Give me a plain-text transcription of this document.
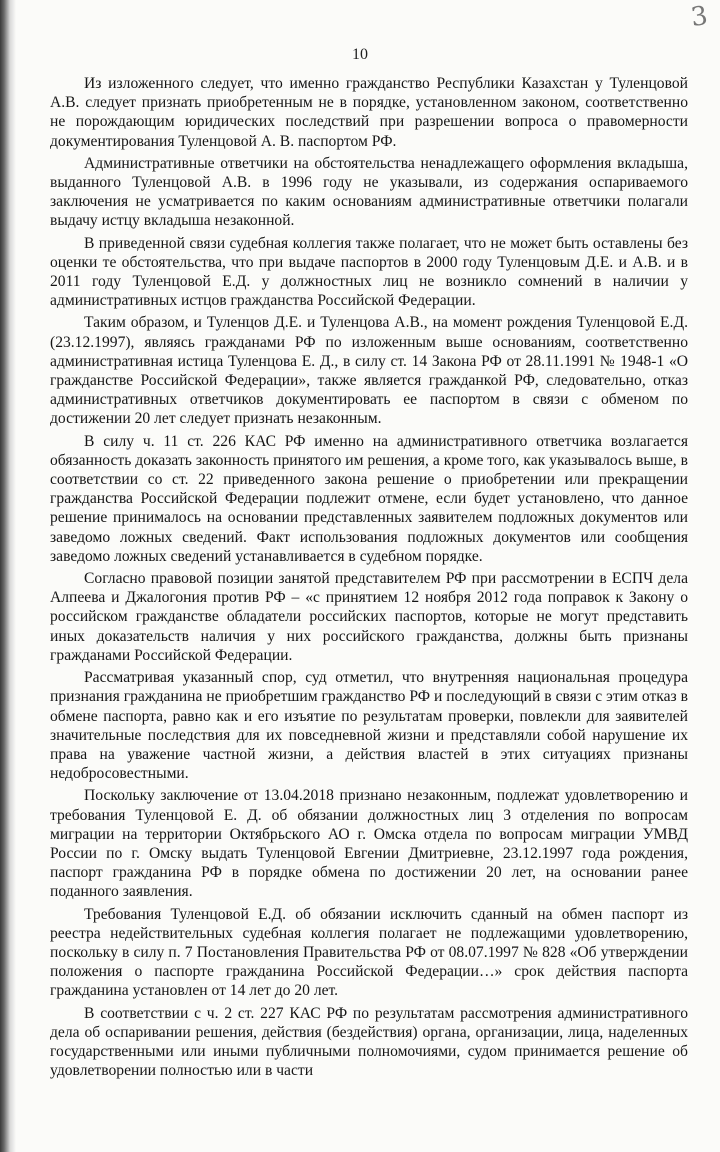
3
10

Из изложенного следует, что именно гражданство Республики Казахстан у Туленцовой А.В. следует признать приобретенным не в порядке, установленном законом, соответственно не порождающим юридических последствий при разрешении вопроса о правомерности документирования Туленцовой А. В. паспортом РФ.

Административные ответчики на обстоятельства ненадлежащего оформления вкладыша, выданного Туленцовой А.В. в 1996 году не указывали, из содержания оспариваемого заключения не усматривается по каким основаниям административные ответчики полагали выдачу истцу вкладыша незаконной.

В приведенной связи судебная коллегия также полагает, что не может быть оставлены без оценки те обстоятельства, что при выдаче паспортов в 2000 году Туленцовым Д.Е. и А.В. и в 2011 году Туленцовой Е.Д. у должностных лиц не возникло сомнений в наличии у административных истцов гражданства Российской Федерации.

Таким образом, и Туленцов Д.Е. и Туленцова А.В., на момент рождения Туленцовой Е.Д. (23.12.1997), являясь гражданами РФ по изложенным выше основаниям, соответственно административная истица Туленцова Е. Д., в силу ст. 14 Закона РФ от 28.11.1991 № 1948-1 «О гражданстве Российской Федерации», также является гражданкой РФ, следовательно, отказ административных ответчиков документировать ее паспортом в связи с обменом по достижении 20 лет следует признать незаконным.

В силу ч. 11 ст. 226 КАС РФ именно на административного ответчика возлагается обязанность доказать законность принятого им решения, а кроме того, как указывалось выше, в соответствии со ст. 22 приведенного закона решение о приобретении или прекращении гражданства Российской Федерации подлежит отмене, если будет установлено, что данное решение принималось на основании представленных заявителем подложных документов или заведомо ложных сведений. Факт использования подложных документов или сообщения заведомо ложных сведений устанавливается в судебном порядке.

Согласно правовой позиции занятой представителем РФ при рассмотрении в ЕСПЧ дела Алпеева и Джалогония против РФ – «с принятием 12 ноября 2012 года поправок к Закону о российском гражданстве обладатели российских паспортов, которые не могут представить иных доказательств наличия у них российского гражданства, должны быть признаны гражданами Российской Федерации.

Рассматривая указанный спор, суд отметил, что внутренняя национальная процедура признания гражданина не приобретшим гражданство РФ и последующий в связи с этим отказ в обмене паспорта, равно как и его изъятие по результатам проверки, повлекли для заявителей значительные последствия для их повседневной жизни и представляли собой нарушение их права на уважение частной жизни, а действия властей в этих ситуациях признаны недобросовестными.

Поскольку заключение от 13.04.2018 признано незаконным, подлежат удовлетворению и требования Туленцовой Е. Д. об обязании должностных лиц 3 отделения по вопросам миграции на территории Октябрьского АО г. Омска отдела по вопросам миграции УМВД России по г. Омску выдать Туленцовой Евгении Дмитриевне, 23.12.1997 года рождения, паспорт гражданина РФ в порядке обмена по достижении 20 лет, на основании ранее поданного заявления.

Требования Туленцовой Е.Д. об обязании исключить сданный на обмен паспорт из реестра недействительных судебная коллегия полагает не подлежащими удовлетворению, поскольку в силу п. 7 Постановления Правительства РФ от 08.07.1997 № 828 «Об утверждении положения о паспорте гражданина Российской Федерации…» срок действия паспорта гражданина установлен от 14 лет до 20 лет.

В соответствии с ч. 2 ст. 227 КАС РФ по результатам рассмотрения административного дела об оспаривании решения, действия (бездействия) органа, организации, лица, наделенных государственными или иными публичными полномочиями, судом принимается решение об удовлетворении полностью или в части
